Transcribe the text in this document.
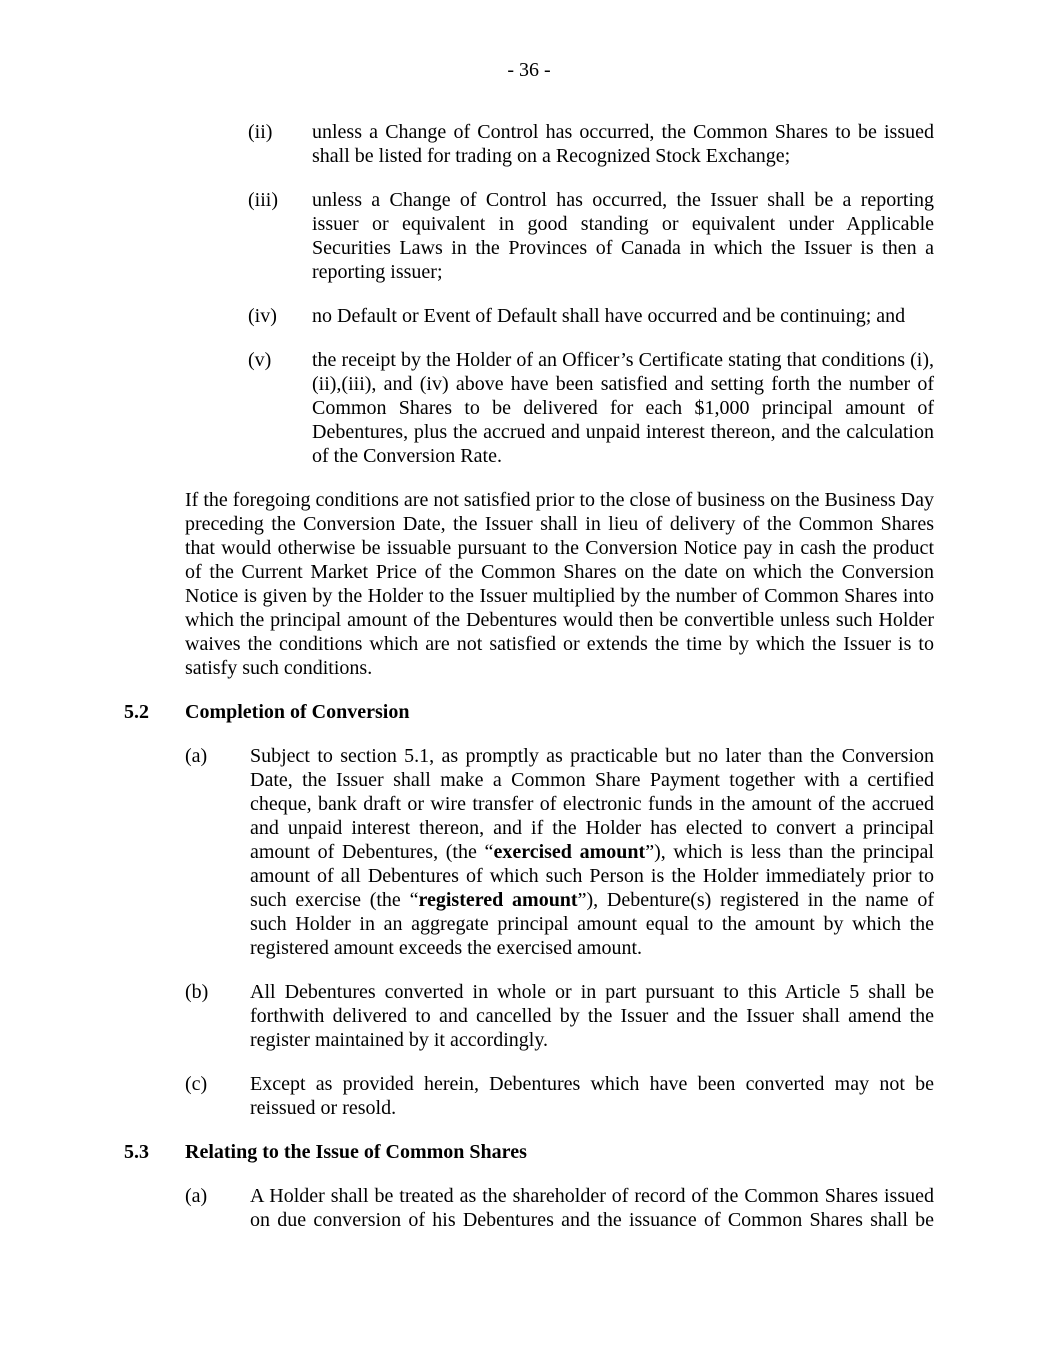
- 36 -
(ii)	unless a Change of Control has occurred, the Common Shares to be issued shall be listed for trading on a Recognized Stock Exchange;
(iii)	unless a Change of Control has occurred, the Issuer shall be a reporting issuer or equivalent in good standing or equivalent under Applicable Securities Laws in the Provinces of Canada in which the Issuer is then a reporting issuer;
(iv)	no Default or Event of Default shall have occurred and be continuing; and
(v)	the receipt by the Holder of an Officer’s Certificate stating that conditions (i),(ii),(iii), and (iv) above have been satisfied and setting forth the number of Common Shares to be delivered for each $1,000 principal amount of Debentures, plus the accrued and unpaid interest thereon, and the calculation of the Conversion Rate.
If the foregoing conditions are not satisfied prior to the close of business on the Business Day preceding the Conversion Date, the Issuer shall in lieu of delivery of the Common Shares that would otherwise be issuable pursuant to the Conversion Notice pay in cash the product of the Current Market Price of the Common Shares on the date on which the Conversion Notice is given by the Holder to the Issuer multiplied by the number of Common Shares into which the principal amount of the Debentures would then be convertible unless such Holder waives the conditions which are not satisfied or extends the time by which the Issuer is to satisfy such conditions.
5.2	Completion of Conversion
(a)	Subject to section 5.1, as promptly as practicable but no later than the Conversion Date, the Issuer shall make a Common Share Payment together with a certified cheque, bank draft or wire transfer of electronic funds in the amount of the accrued and unpaid interest thereon, and if the Holder has elected to convert a principal amount of Debentures, (the “exercised amount”), which is less than the principal amount of all Debentures of which such Person is the Holder immediately prior to such exercise (the “registered amount”), Debenture(s) registered in the name of such Holder in an aggregate principal amount equal to the amount by which the registered amount exceeds the exercised amount.
(b)	All Debentures converted in whole or in part pursuant to this Article 5 shall be forthwith delivered to and cancelled by the Issuer and the Issuer shall amend the register maintained by it accordingly.
(c)	Except as provided herein, Debentures which have been converted may not be reissued or resold.
5.3	Relating to the Issue of Common Shares
(a)	A Holder shall be treated as the shareholder of record of the Common Shares issued on due conversion of his Debentures and the issuance of Common Shares shall be
